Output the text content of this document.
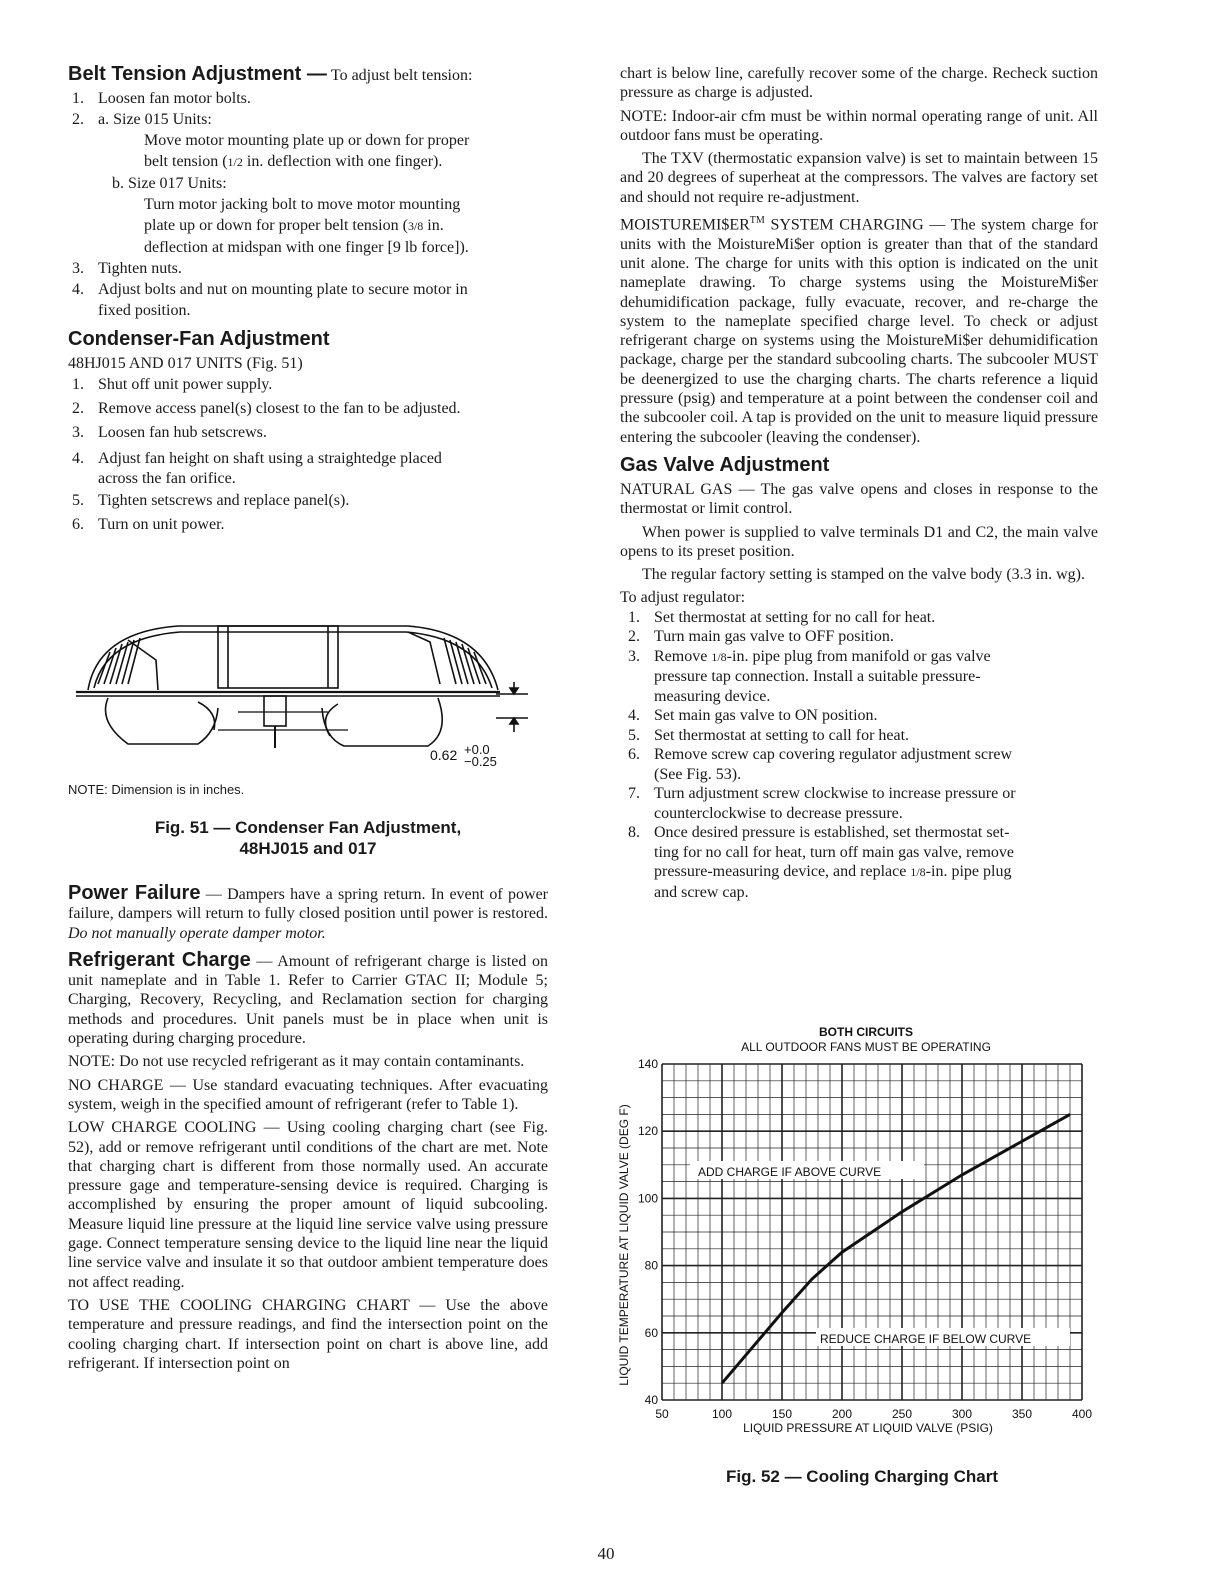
Belt Tension Adjustment — To adjust belt tension:
1. Loosen fan motor bolts.
2. a. Size 015 Units:
Move motor mounting plate up or down for proper
belt tension (1/2 in. deflection with one finger).
b. Size 017 Units:
Turn motor jacking bolt to move motor mounting
plate up or down for proper belt tension (3/8 in.
deflection at midspan with one finger [9 lb force]).
3. Tighten nuts.
4. Adjust bolts and nut on mounting plate to secure motor in
fixed position.
Condenser-Fan Adjustment

48HJ015 AND 017 UNITS (Fig. 51)

1. Shut off unit power supply.
2. Remove access panel(s) closest to the fan to be adjusted.
3. Loosen fan hub setscrews.
4. Adjust fan height on shaft using a straightedge placed
across the fan orifice.
5. Tighten setscrews and replace panel(s).
6. Turn on unit power.
0.62 +0.0
−0.25
NOTE: Dimension is in inches.
Fig. 51 — Condenser Fan Adjustment,
48HJ015 and 017

Power Failure — Dampers have a spring return. In event of power failure, dampers will return to fully closed position until power is restored. Do not manually operate damper motor.

Refrigerant Charge — Amount of refrigerant charge is listed on unit nameplate and in Table 1. Refer to Carrier GTAC II; Module 5; Charging, Recovery, Recycling, and Reclamation section for charging methods and procedures. Unit panels must be in place when unit is operating during charging procedure.

NOTE: Do not use recycled refrigerant as it may contain contaminants.

NO CHARGE — Use standard evacuating techniques. After evacuating system, weigh in the specified amount of refrigerant (refer to Table 1).

LOW CHARGE COOLING — Using cooling charging chart (see Fig. 52), add or remove refrigerant until conditions of the chart are met. Note that charging chart is different from those normally used. An accurate pressure gage and temperature-sensing device is required. Charging is accomplished by ensuring the proper amount of liquid subcooling. Measure liquid line pressure at the liquid line service valve using pressure gage. Connect temperature sensing device to the liquid line near the liquid line service valve and insulate it so that outdoor ambient temperature does not affect reading.

TO USE THE COOLING CHARGING CHART — Use the above temperature and pressure readings, and find the intersection point on the cooling charging chart. If intersection point on chart is above line, add refrigerant. If intersection point on

chart is below line, carefully recover some of the charge. Recheck suction pressure as charge is adjusted.

NOTE: Indoor-air cfm must be within normal operating range of unit. All outdoor fans must be operating.

The TXV (thermostatic expansion valve) is set to maintain between 15 and 20 degrees of superheat at the compressors. The valves are factory set and should not require re-adjustment.

MOISTUREMI$ER™ SYSTEM CHARGING — The system charge for units with the MoistureMi$er option is greater than that of the standard unit alone. The charge for units with this option is indicated on the unit nameplate drawing. To charge systems using the MoistureMi$er dehumidification package, fully evacuate, recover, and re-charge the system to the nameplate specified charge level. To check or adjust refrigerant charge on systems using the MoistureMi$er dehumidification package, charge per the standard subcooling charts. The subcooler MUST be deenergized to use the charging charts. The charts reference a liquid pressure (psig) and temperature at a point between the condenser coil and the subcooler coil. A tap is provided on the unit to measure liquid pressure entering the subcooler (leaving the condenser).

Gas Valve Adjustment

NATURAL GAS — The gas valve opens and closes in response to the thermostat or limit control.

When power is supplied to valve terminals D1 and C2, the main valve opens to its preset position.

The regular factory setting is stamped on the valve body (3.3 in. wg).

To adjust regulator:

1. Set thermostat at setting for no call for heat.
2. Turn main gas valve to OFF position.
3. Remove 1/8-in. pipe plug from manifold or gas valve
pressure tap connection. Install a suitable pressure-
measuring device.
4. Set main gas valve to ON position.
5. Set thermostat at setting to call for heat.
6. Remove screw cap covering regulator adjustment screw
(See Fig. 53).
7. Turn adjustment screw clockwise to increase pressure or
counterclockwise to decrease pressure.
8. Once desired pressure is established, set thermostat set-
ting for no call for heat, turn off main gas valve, remove
pressure-measuring device, and replace 1/8-in. pipe plug
and screw cap.
BOTH CIRCUITS
ALL OUTDOOR FANS MUST BE OPERATING
50	100	150	200	250	300	350	400
40
60
80
100
120
140
ADD CHARGE IF ABOVE CURVE
REDUCE CHARGE IF BELOW CURVE
LIQUID PRESSURE AT LIQUID VALVE (PSIG)
LIQUID TEMPERATURE AT LIQUID VALVE (DEG F)
Fig. 52 — Cooling Charging Chart
40
